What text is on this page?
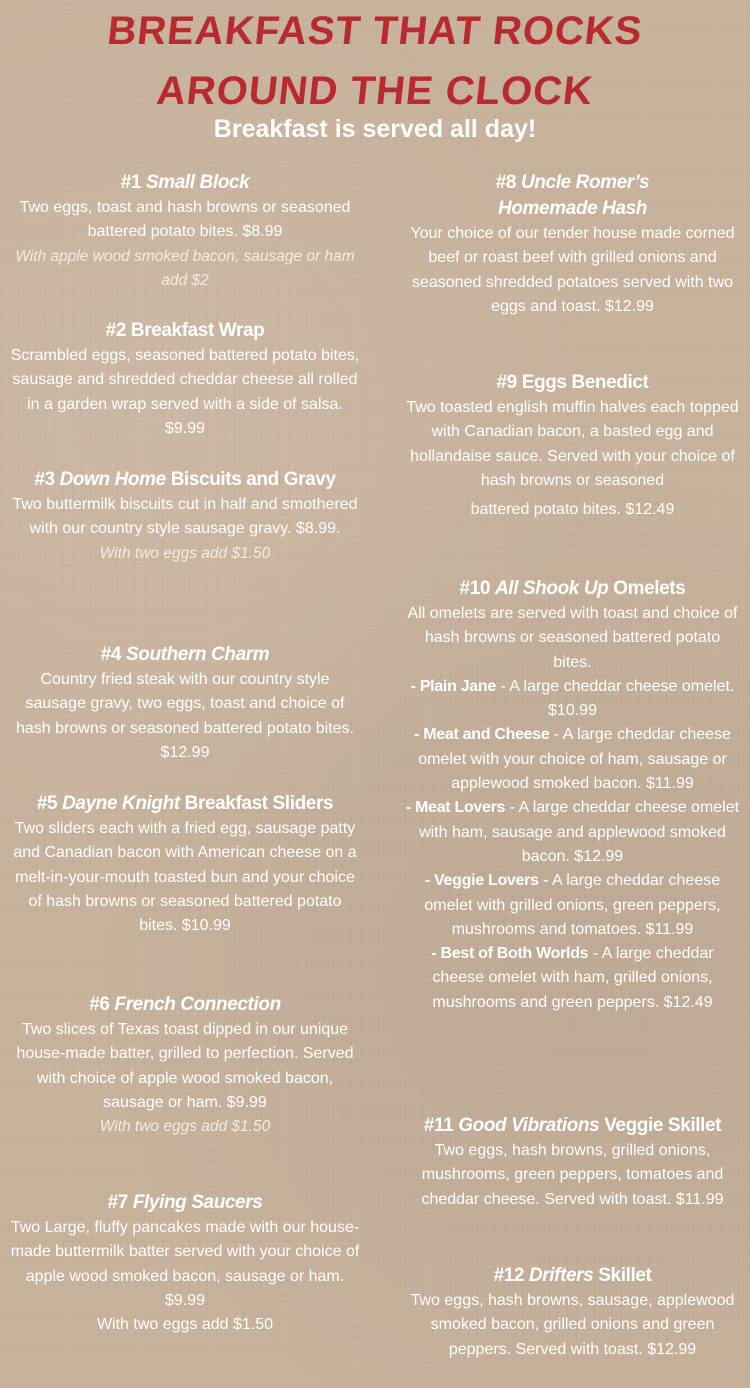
BREAKFAST THAT ROCKS
AROUND THE CLOCK
Breakfast is served all day!
#1 Small Block
Two eggs, toast and hash browns or seasoned battered potato bites. $8.99
With apple wood smoked bacon, sausage or ham add $2
#2 Breakfast Wrap
Scrambled eggs, seasoned battered potato bites, sausage and shredded cheddar cheese all rolled in a garden wrap served with a side of salsa. $9.99
#3 Down Home Biscuits and Gravy
Two buttermilk biscuits cut in half and smothered with our country style sausage gravy. $8.99.
With two eggs add $1.50
#4 Southern Charm
Country fried steak with our country style sausage gravy, two eggs, toast and choice of hash browns or seasoned battered potato bites. $12.99
#5 Dayne Knight Breakfast Sliders
Two sliders each with a fried egg, sausage patty and Canadian bacon with American cheese on a melt-in-your-mouth toasted bun and your choice of hash browns or seasoned battered potato bites. $10.99
#6 French Connection
Two slices of Texas toast dipped in our unique house-made batter, grilled to perfection. Served with choice of apple wood smoked bacon, sausage or ham. $9.99
With two eggs add $1.50
#7 Flying Saucers
Two Large, fluffy pancakes made with our house-made buttermilk batter served with your choice of apple wood smoked bacon, sausage or ham. $9.99
With two eggs add $1.50
#8 Uncle Romer’s
Homemade Hash
Your choice of our tender house made corned beef or roast beef with grilled onions and seasoned shredded potatoes served with two eggs and toast. $12.99
#9 Eggs Benedict
Two toasted english muffin halves each topped with Canadian bacon, a basted egg and hollandaise sauce. Served with your choice of hash browns or seasoned
battered potato bites. $12.49
#10 All Shook Up Omelets
All omelets are served with toast and choice of hash browns or seasoned battered potato bites.
- Plain Jane - A large cheddar cheese omelet. $10.99
- Meat and Cheese - A large cheddar cheese omelet with your choice of ham, sausage or applewood smoked bacon. $11.99
- Meat Lovers - A large cheddar cheese omelet with ham, sausage and applewood smoked bacon. $12.99
- Veggie Lovers - A large cheddar cheese omelet with grilled onions, green peppers, mushrooms and tomatoes. $11.99
- Best of Both Worlds - A large cheddar cheese omelet with ham, grilled onions, mushrooms and green peppers. $12.49
#11 Good Vibrations Veggie Skillet
Two eggs, hash browns, grilled onions, mushrooms, green peppers, tomatoes and cheddar cheese. Served with toast. $11.99
#12 Drifters Skillet
Two eggs, hash browns, sausage, applewood smoked bacon, grilled onions and green peppers. Served with toast. $12.99
